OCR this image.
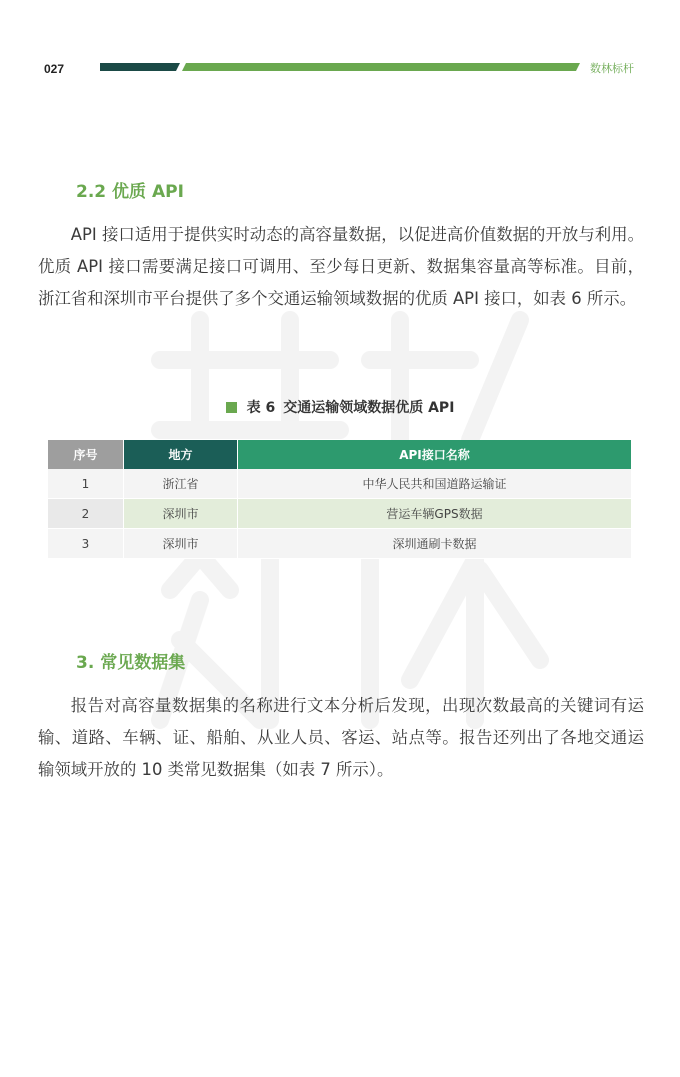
027	数林标杆
2.2 优质 API

API 接口适用于提供实时动态的高容量数据，以促进高价值数据的开放与利用。优质 API 接口需要满足接口可调用、至少每日更新、数据集容量高等标准。目前，浙江省和深圳市平台提供了多个交通运输领域数据的优质 API 接口，如表 6 所示。

表 6 交通运输领域数据优质 API
序号	地方	API接口名称
1	浙江省	中华人民共和国道路运输证
2	深圳市	营运车辆GPS数据
3	深圳市	深圳通刷卡数据
3. 常见数据集

报告对高容量数据集的名称进行文本分析后发现，出现次数最高的关键词有运输、道路、车辆、证、船舶、从业人员、客运、站点等。报告还列出了各地交通运输领域开放的 10 类常见数据集（如表 7 所示）。
